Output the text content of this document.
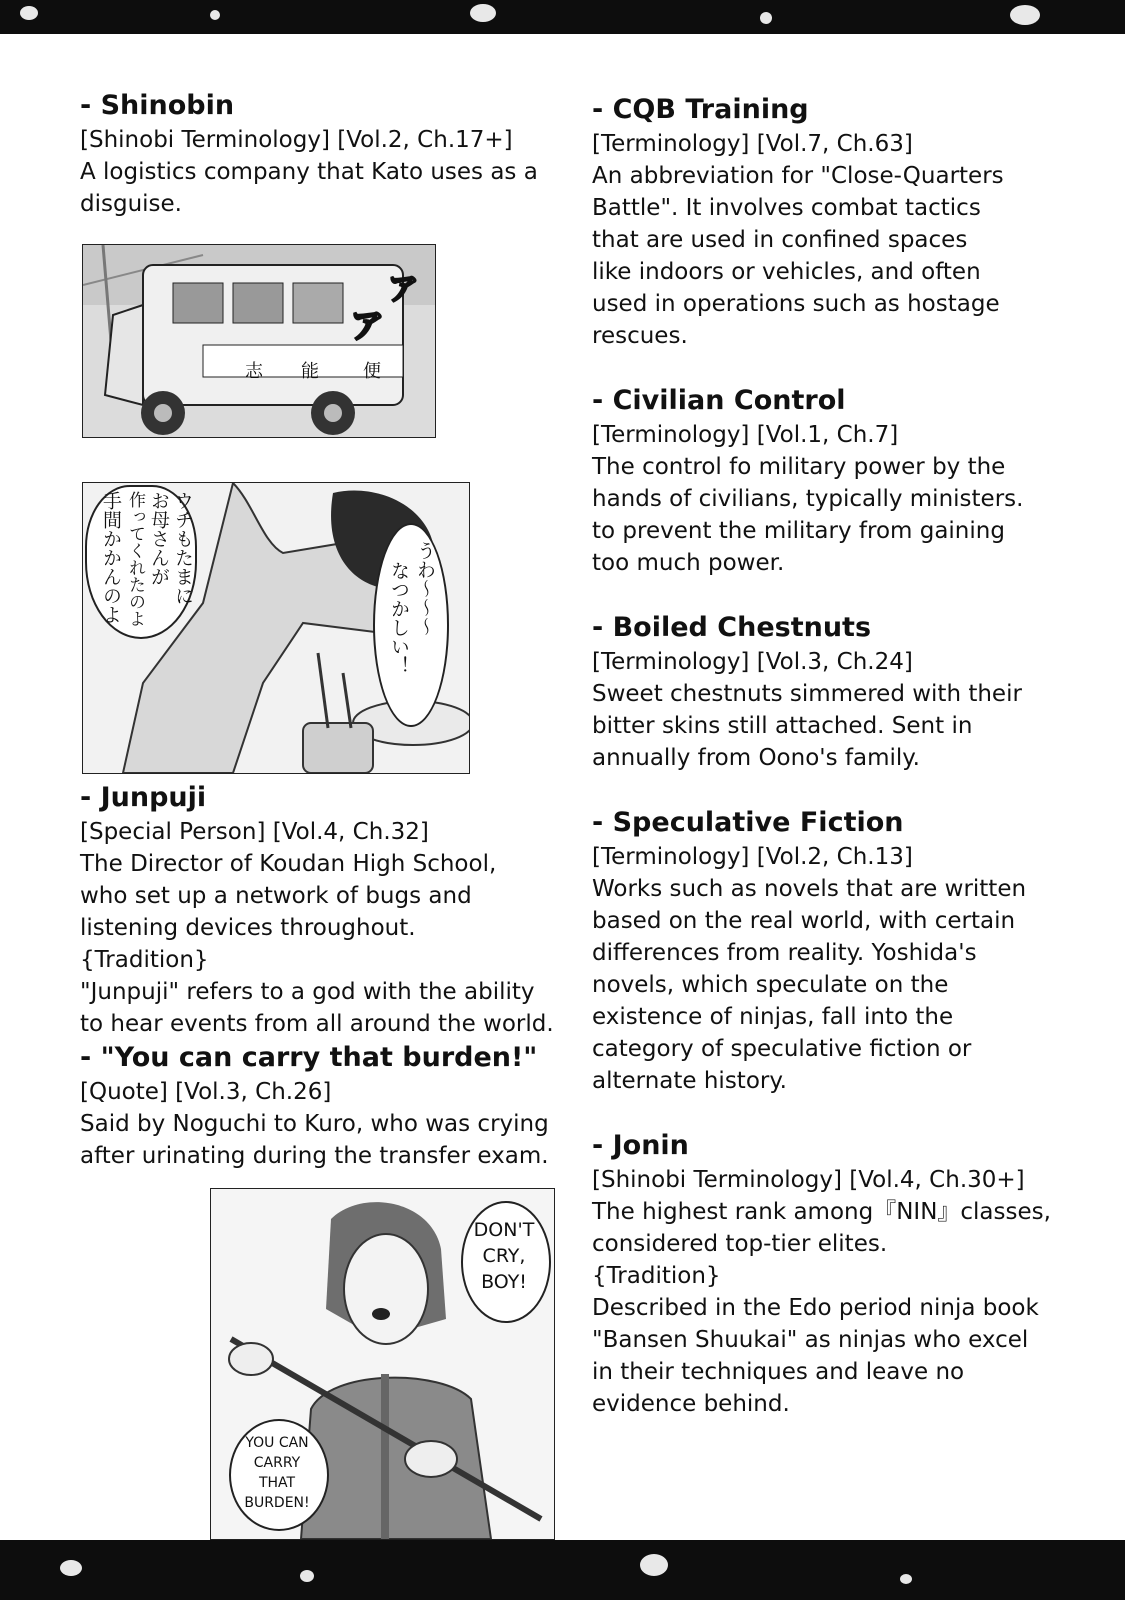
- Shinobin
[Shinobi Terminology] [Vol.2, Ch.17+]
A logistics company that Kato uses as a
disguise.
志 能 便
ァ
ァ
ウチもたまに
お母さんが
作ってくれたのよ
手間かかんのよ	うわ〜〜〜
なつかしい！
- Junpuji
[Special Person] [Vol.4, Ch.32]
The Director of Koudan High School,
who set up a network of bugs and
listening devices throughout.
{Tradition}
"Junpuji" refers to a god with the ability
to hear events from all around the world.
- "You can carry that burden!"
[Quote] [Vol.3, Ch.26]
Said by Noguchi to Kuro, who was crying
after urinating during the transfer exam.
DON'T
CRY,
BOY!
YOU CAN
CARRY
THAT
BURDEN!
- CQB Training
[Terminology] [Vol.7, Ch.63]
An abbreviation for "Close-Quarters
Battle". It involves combat tactics
that are used in confined spaces
like indoors or vehicles, and often
used in operations such as hostage
rescues.
- Civilian Control
[Terminology] [Vol.1, Ch.7]
The control fo military power by the
hands of civilians, typically ministers.
to prevent the military from gaining
too much power.
- Boiled Chestnuts
[Terminology] [Vol.3, Ch.24]
Sweet chestnuts simmered with their
bitter skins still attached. Sent in
annually from Oono's family.
- Speculative Fiction
[Terminology] [Vol.2, Ch.13]
Works such as novels that are written
based on the real world, with certain
differences from reality. Yoshida's
novels, which speculate on the
existence of ninjas, fall into the
category of speculative fiction or
alternate history.
- Jonin
[Shinobi Terminology] [Vol.4, Ch.30+]
The highest rank among『NIN』classes,
considered top-tier elites.
{Tradition}
Described in the Edo period ninja book
"Bansen Shuukai" as ninjas who excel
in their techniques and leave no
evidence behind.
